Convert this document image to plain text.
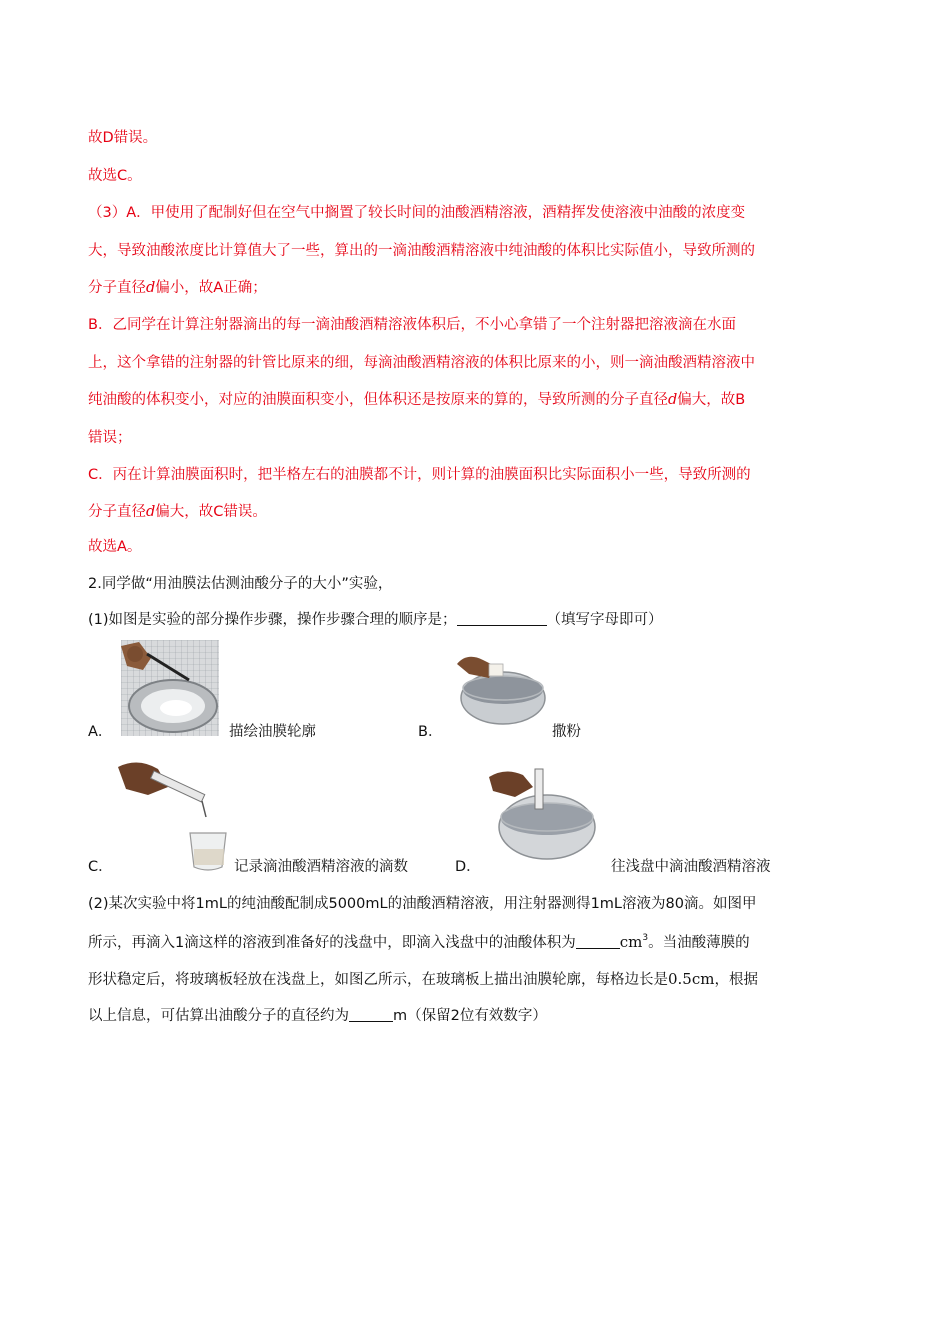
故D错误。
故选C。
（3）A．甲使用了配制好但在空气中搁置了较长时间的油酸酒精溶液，酒精挥发使溶液中油酸的浓度变
大，导致油酸浓度比计算值大了一些，算出的一滴油酸酒精溶液中纯油酸的体积比实际值小，导致所测的
分子直径d偏小，故A正确；
B．乙同学在计算注射器滴出的每一滴油酸酒精溶液体积后，不小心拿错了一个注射器把溶液滴在水面
上，这个拿错的注射器的针管比原来的细，每滴油酸酒精溶液的体积比原来的小，则一滴油酸酒精溶液中
纯油酸的体积变小，对应的油膜面积变小，但体积还是按原来的算的，导致所测的分子直径d偏大，故B
错误；
C．丙在计算油膜面积时，把半格左右的油膜都不计，则计算的油膜面积比实际面积小一些，导致所测的
分子直径d偏大，故C错误。
故选A。
2.同学做“用油膜法估测油酸分子的大小”实验，
(1)如图是实验的部分操作步骤，操作步骤合理的顺序是；	（填写字母即可）
A．	描绘油膜轮廓	B．	撒粉
C．	记录滴油酸酒精溶液的滴数	D．	往浅盘中滴油酸酒精溶液
(2)某次实验中将1mL的纯油酸配制成5000mL的油酸酒精溶液，用注射器测得1mL溶液为80滴。如图甲
所示，再滴入1滴这样的溶液到准备好的浅盘中，即滴入浅盘中的油酸体积为	$cm^3$。当油酸薄膜的
形状稳定后，将玻璃板轻放在浅盘上，如图乙所示，在玻璃板上描出油膜轮廓，每格边长是0.5cm，根据
以上信息，可估算出油酸分子的直径约为	m（保留2位有效数字）
